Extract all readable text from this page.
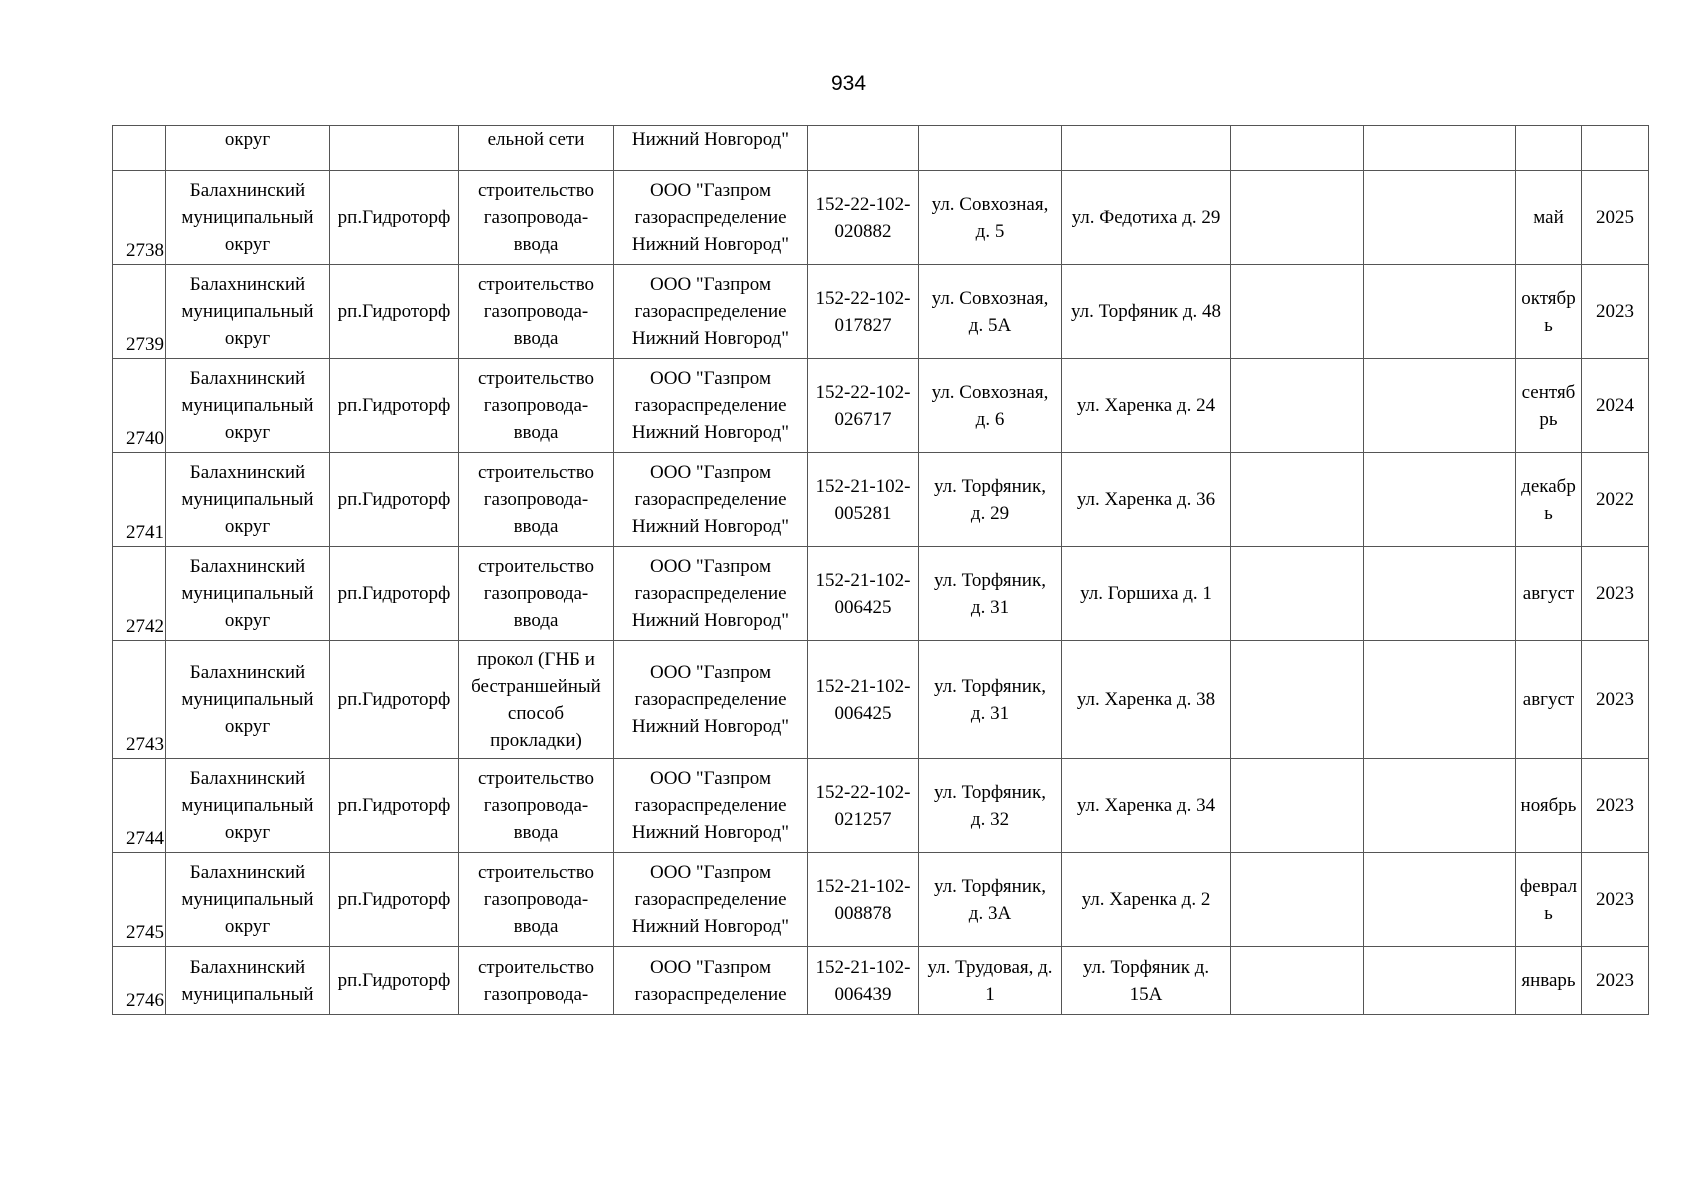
934

	округ		ельной сети	Нижний Новгород"							

2738	Балахнинский
муниципальный
округ	рп.Гидроторф	строительство
газопровода-
ввода	ООО "Газпром
газораспределение
Нижний Новгород"	152-22-102-
020882	ул. Совхозная,
д. 5	ул. Федотиха д. 29			май	2025
2739	Балахнинский
муниципальный
округ	рп.Гидроторф	строительство
газопровода-
ввода	ООО "Газпром
газораспределение
Нижний Новгород"	152-22-102-
017827	ул. Совхозная,
д. 5А	ул. Торфяник д. 48			октябр
ь	2023
2740	Балахнинский
муниципальный
округ	рп.Гидроторф	строительство
газопровода-
ввода	ООО "Газпром
газораспределение
Нижний Новгород"	152-22-102-
026717	ул. Совхозная,
д. 6	ул. Харенка д. 24			сентяб
рь	2024
2741	Балахнинский
муниципальный
округ	рп.Гидроторф	строительство
газопровода-
ввода	ООО "Газпром
газораспределение
Нижний Новгород"	152-21-102-
005281	ул. Торфяник,
д. 29	ул. Харенка д. 36			декабр
ь	2022
2742	Балахнинский
муниципальный
округ	рп.Гидроторф	строительство
газопровода-
ввода	ООО "Газпром
газораспределение
Нижний Новгород"	152-21-102-
006425	ул. Торфяник,
д. 31	ул. Горшиха д. 1			август	2023
2743	Балахнинский
муниципальный
округ	рп.Гидроторф	прокол (ГНБ и
бестраншейный
способ
прокладки)	ООО "Газпром
газораспределение
Нижний Новгород"	152-21-102-
006425	ул. Торфяник,
д. 31	ул. Харенка д. 38			август	2023
2744	Балахнинский
муниципальный
округ	рп.Гидроторф	строительство
газопровода-
ввода	ООО "Газпром
газораспределение
Нижний Новгород"	152-22-102-
021257	ул. Торфяник,
д. 32	ул. Харенка д. 34			ноябрь	2023
2745	Балахнинский
муниципальный
округ	рп.Гидроторф	строительство
газопровода-
ввода	ООО "Газпром
газораспределение
Нижний Новгород"	152-21-102-
008878	ул. Торфяник,
д. 3А	ул. Харенка д. 2			феврал
ь	2023
2746	Балахнинский
муниципальный	рп.Гидроторф	строительство
газопровода-	ООО "Газпром
газораспределение	152-21-102-
006439	ул. Трудовая, д.
1	ул. Торфяник д.
15А			январь	2023
